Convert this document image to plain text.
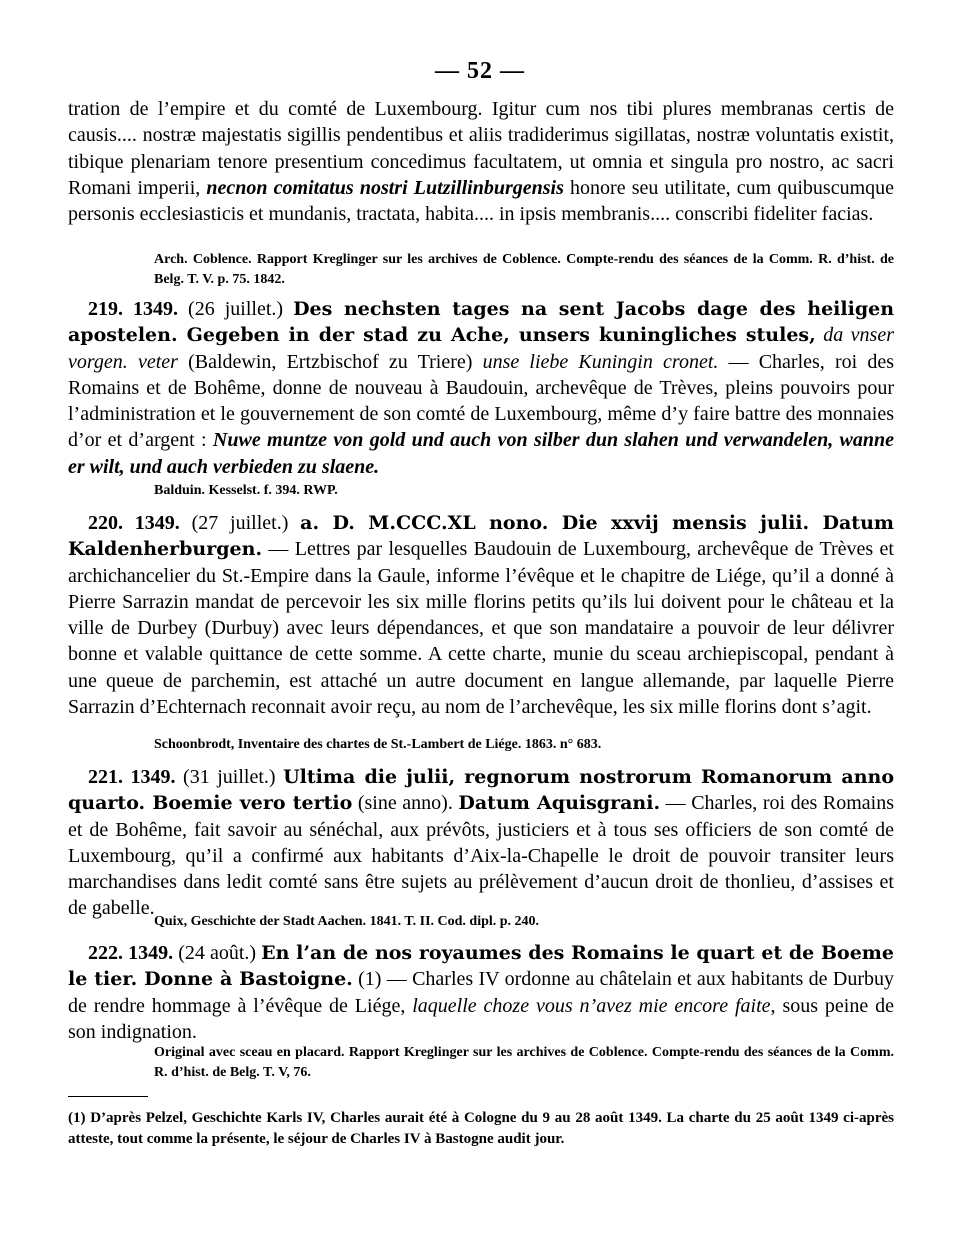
— 52 —

tration de l’empire et du comté de Luxembourg. Igitur cum nos tibi plures membranas certis de causis.... nostræ majestatis sigillis pendentibus et aliis tradiderimus sigillatas, nostræ voluntatis existit, tibique plenariam tenore presentium concedimus facultatem, ut omnia et singula pro nostro, ac sacri Romani imperii, necnon comitatus nostri Lutzillinburgensis honore seu utilitate, cum quibuscumque personis ecclesiasticis et mundanis, tractata, habita.... in ipsis membranis.... conscribi fideliter facias.

Arch. Coblence. Rapport Kreglinger sur les archives de Coblence. Compte-rendu des séances de la Comm. R. d’hist. de Belg. T. V. p. 75. 1842.

219. 1349. (26 juillet.) Des nechsten tages na sent Jacobs dage des heiligen apostelen. Gegeben in der stad zu Ache, unsers kuningliches stules, da vnser vorgen. veter (Baldewin, Ertzbischof zu Triere) unse liebe Kuningin cronet. — Charles, roi des Romains et de Bohême, donne de nouveau à Baudouin, archevêque de Trèves, pleins pouvoirs pour l’administration et le gouvernement de son comté de Luxembourg, même d’y faire battre des monnaies d’or et d’argent : Nuwe muntze von gold und auch von silber dun slahen und verwandelen, wanne er wilt, und auch verbieden zu slaene.

Balduin. Kesselst. f. 394. RWP.

220. 1349. (27 juillet.) a. D. M.CCC.XL nono. Die xxvij mensis julii. Datum Kaldenherburgen. — Lettres par lesquelles Baudouin de Luxembourg, archevêque de Trèves et archichancelier du St.-Empire dans la Gaule, informe l’évêque et le chapitre de Liége, qu’il a donné à Pierre Sarrazin mandat de percevoir les six mille florins petits qu’ils lui doivent pour le château et la ville de Durbey (Durbuy) avec leurs dépendances, et que son mandataire a pouvoir de leur délivrer bonne et valable quittance de cette somme. A cette charte, munie du sceau archiepiscopal, pendant à une queue de parchemin, est attaché un autre document en langue allemande, par laquelle Pierre Sarrazin d’Echternach reconnait avoir reçu, au nom de l’archevêque, les six mille florins dont s’agit.

Schoonbrodt, Inventaire des chartes de St.-Lambert de Liége. 1863. n° 683.

221. 1349. (31 juillet.) Ultima die julii, regnorum nostrorum Romanorum anno quarto. Boemie vero tertio (sine anno). Datum Aquisgrani. — Charles, roi des Romains et de Bohême, fait savoir au sénéchal, aux prévôts, justiciers et à tous ses officiers de son comté de Luxembourg, qu’il a confirmé aux habitants d’Aix-la-Chapelle le droit de pouvoir transiter leurs marchandises dans ledit comté sans être sujets au prélèvement d’aucun droit de thonlieu, d’assises et de gabelle.

Quix, Geschichte der Stadt Aachen. 1841. T. II. Cod. dipl. p. 240.

222. 1349. (24 août.) En l’an de nos royaumes des Romains le quart et de Boeme le tier. Donne à Bastoigne. (1) — Charles IV ordonne au châtelain et aux habitants de Durbuy de rendre hommage à l’évêque de Liége, laquelle choze vous n’avez mie encore faite, sous peine de son indignation.

Original avec sceau en placard. Rapport Kreglinger sur les archives de Coblence. Compte-rendu des séances de la Comm. R. d’hist. de Belg. T. V, 76.

(1) D’après Pelzel, Geschichte Karls IV, Charles aurait été à Cologne du 9 au 28 août 1349. La charte du 25 août 1349 ci-après atteste, tout comme la présente, le séjour de Charles IV à Bastogne audit jour.
